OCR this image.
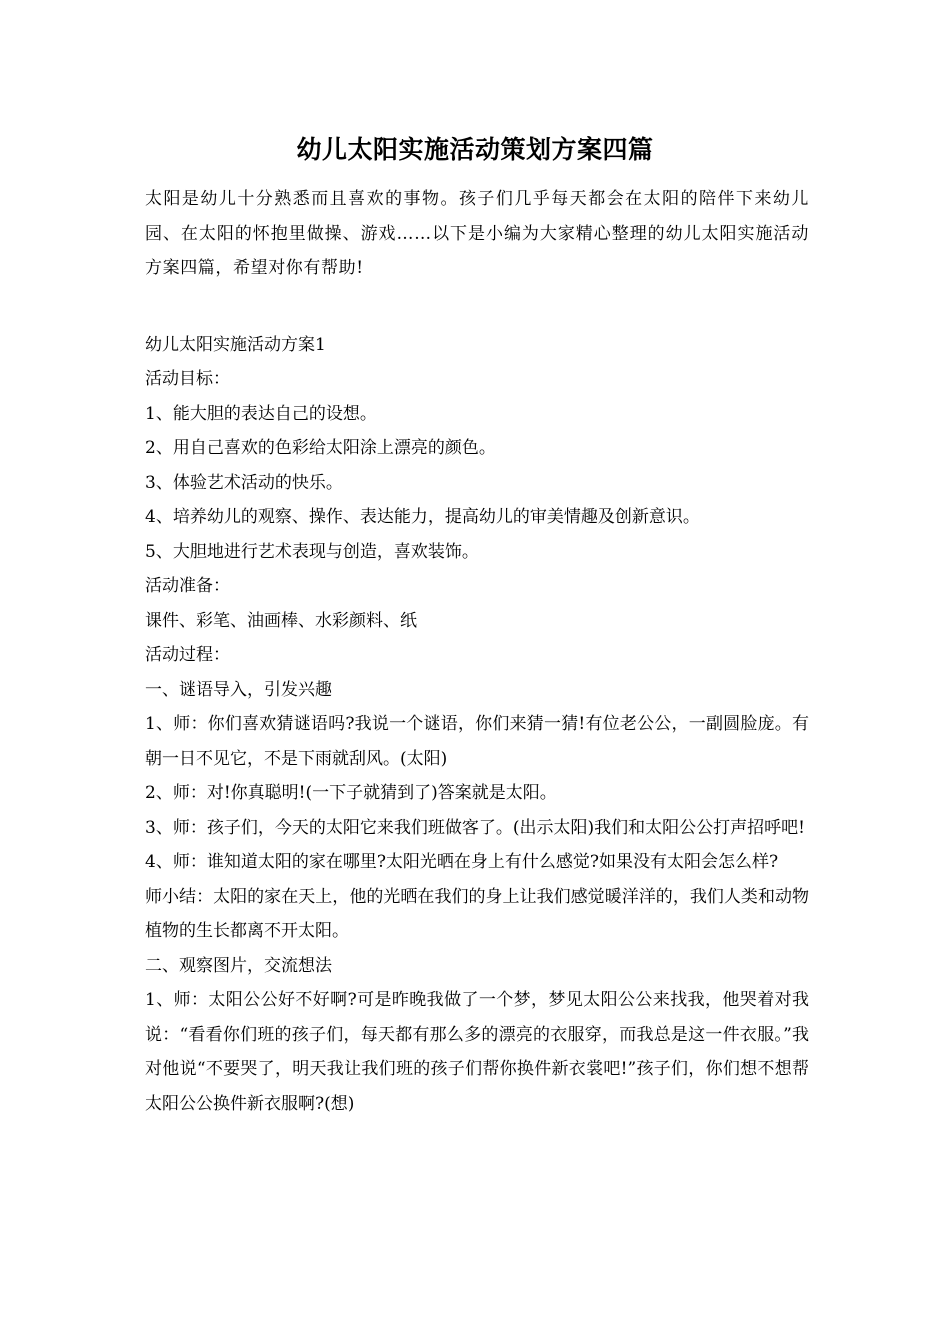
幼儿太阳实施活动策划方案四篇

太阳是幼儿十分熟悉而且喜欢的事物。孩子们几乎每天都会在太阳的陪伴下来幼儿园、在太阳的怀抱里做操、游戏……以下是小编为大家精心整理的幼儿太阳实施活动方案四篇，希望对你有帮助!

幼儿太阳实施活动方案1

活动目标：

1、能大胆的表达自己的设想。

2、用自己喜欢的色彩给太阳涂上漂亮的颜色。

3、体验艺术活动的快乐。

4、培养幼儿的观察、操作、表达能力，提高幼儿的审美情趣及创新意识。

5、大胆地进行艺术表现与创造，喜欢装饰。

活动准备：

课件、彩笔、油画棒、水彩颜料、纸

活动过程：

一、谜语导入，引发兴趣

1、师：你们喜欢猜谜语吗?我说一个谜语，你们来猜一猜!有位老公公，一副圆脸庞。有朝一日不见它，不是下雨就刮风。(太阳)

2、师：对!你真聪明!(一下子就猜到了)答案就是太阳。

3、师：孩子们，今天的太阳它来我们班做客了。(出示太阳)我们和太阳公公打声招呼吧!

4、师：谁知道太阳的家在哪里?太阳光晒在身上有什么感觉?如果没有太阳会怎么样?

师小结：太阳的家在天上，他的光晒在我们的身上让我们感觉暖洋洋的，我们人类和动物植物的生长都离不开太阳。

二、观察图片，交流想法

1、师：太阳公公好不好啊?可是昨晚我做了一个梦，梦见太阳公公来找我，他哭着对我说：“看看你们班的孩子们，每天都有那么多的漂亮的衣服穿，而我总是这一件衣服。”我对他说“不要哭了，明天我让我们班的孩子们帮你换件新衣裳吧!”孩子们，你们想不想帮太阳公公换件新衣服啊?(想)
